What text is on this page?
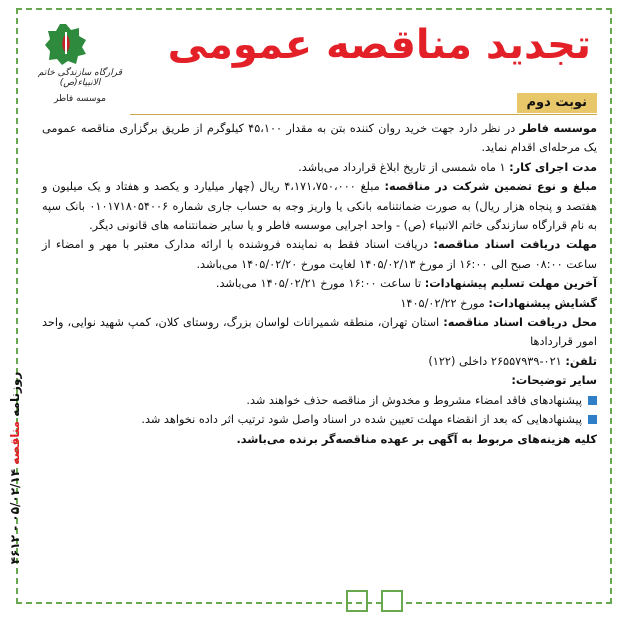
قرارگاه سازندگی خاتم الانبیاء(ص)
موسسه فاطر
تجدید مناقصه عمومی
نوبت دوم

موسسه فاطر در نظر دارد جهت خرید روان کننده بتن به مقدار ۴۵،۱۰۰ کیلوگرم از طریق برگزاری مناقصه عمومی یک مرحله‌ای اقدام نماید.

مدت اجرای کار: ۱ ماه شمسی از تاریخ ابلاغ قرارداد می‌باشد.

مبلغ و نوع تضمین شرکت در مناقصه: مبلغ ۴،۱۷۱،۷۵۰،۰۰۰ ریال (چهار میلیارد و یکصد و هفتاد و یک میلیون و هفتصد و پنجاه هزار ریال) به صورت ضمانتنامه بانکی یا واریز وجه به حساب جاری شماره ۰۱۰۱۷۱۸۰۵۴۰۰۶ بانک سپه به نام قرارگاه سازندگی خاتم الانبیاء (ص) - واحد اجرایی موسسه فاطر و یا سایر ضمانتنامه های قانونی دیگر.

مهلت دریافت اسناد مناقصه: دریافت اسناد فقط به نماینده فروشنده با ارائه مدارک معتبر با مهر و امضاء از ساعت ۰۸:۰۰ صبح الی ۱۶:۰۰ از مورخ ۱۴۰۵/۰۲/۱۳ لغایت مورخ ۱۴۰۵/۰۲/۲۰ می‌باشد.

آخرین مهلت تسلیم پیشنهادات: تا ساعت ۱۶:۰۰ مورخ ۱۴۰۵/۰۲/۲۱ می‌باشد.

گشایش پیشنهادات: مورخ ۱۴۰۵/۰۲/۲۲

محل دریافت اسناد مناقصه: استان تهران، منطقه شمیرانات لواسان بزرگ، روستای کلان، کمپ شهید نوایی، واحد امور قراردادها

تلفن: ۰۲۱-۲۶۵۵۷۹۳۹ داخلی (۱۲۲)

سایر توضیحات:

پیشنهادهای فاقد امضاء مشروط و مخدوش از مناقصه حذف خواهند شد.
پیشنهادهایی که بعد از انقضاء مهلت تعیین شده در اسناد واصل شود ترتیب اثر داده نخواهد شد.

کلیه هزینه‌های مربوط به آگهی بر عهده مناقصه‌گر برنده می‌باشد.

روزنامه مناقصه ۰۵/۰۲/۱۴ - ۴۶۱۲
